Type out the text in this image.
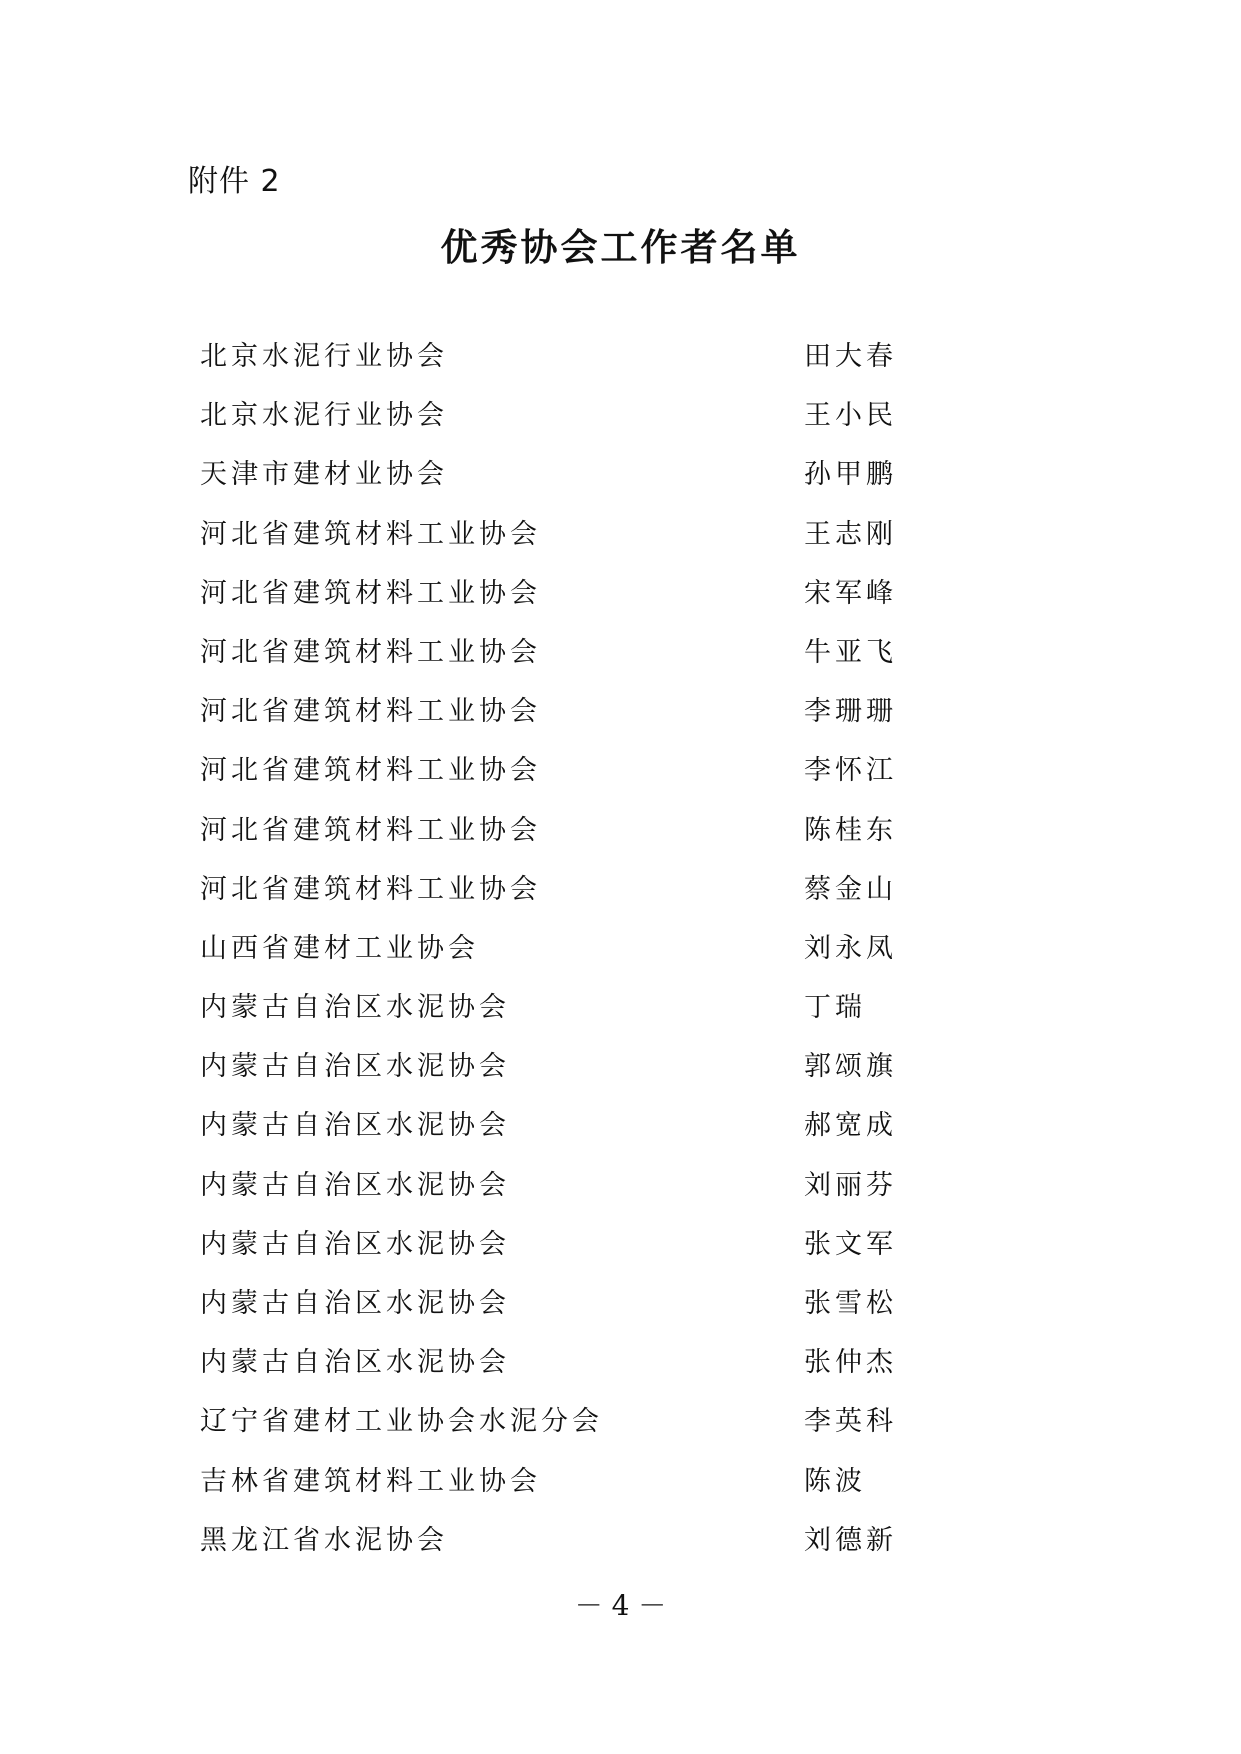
附件 2
优秀协会工作者名单
北京水泥行业协会	田大春
北京水泥行业协会	王小民
天津市建材业协会	孙甲鹏
河北省建筑材料工业协会	王志刚
河北省建筑材料工业协会	宋军峰
河北省建筑材料工业协会	牛亚飞
河北省建筑材料工业协会	李珊珊
河北省建筑材料工业协会	李怀江
河北省建筑材料工业协会	陈桂东
河北省建筑材料工业协会	蔡金山
山西省建材工业协会	刘永凤
内蒙古自治区水泥协会	丁瑞
内蒙古自治区水泥协会	郭颂旗
内蒙古自治区水泥协会	郝宽成
内蒙古自治区水泥协会	刘丽芬
内蒙古自治区水泥协会	张文军
内蒙古自治区水泥协会	张雪松
内蒙古自治区水泥协会	张仲杰
辽宁省建材工业协会水泥分会	李英科
吉林省建筑材料工业协会	陈波
黑龙江省水泥协会	刘德新
－ 4 －
